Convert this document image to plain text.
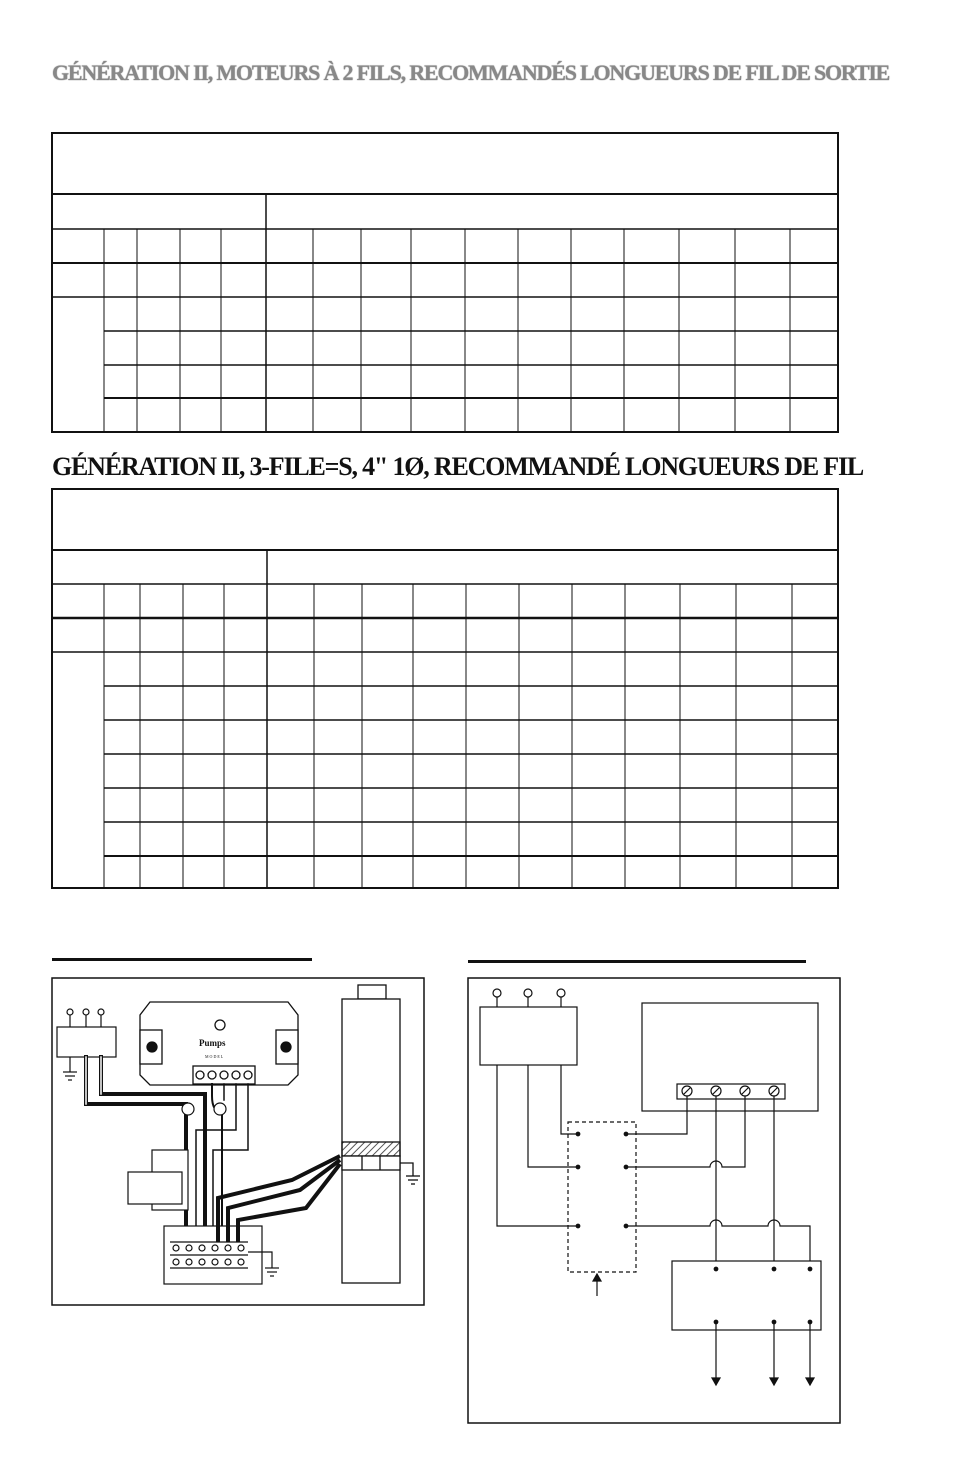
GÉNÉRATION II, MOTEURS À 2 FILS, RECOMMANDÉS LONGUEURS DE FIL DE SORTIE
GÉNÉRATION II, 3-FILE=S, 4" 1Ø, RECOMMANDÉ LONGUEURS DE FIL
Pumps
MODEL
